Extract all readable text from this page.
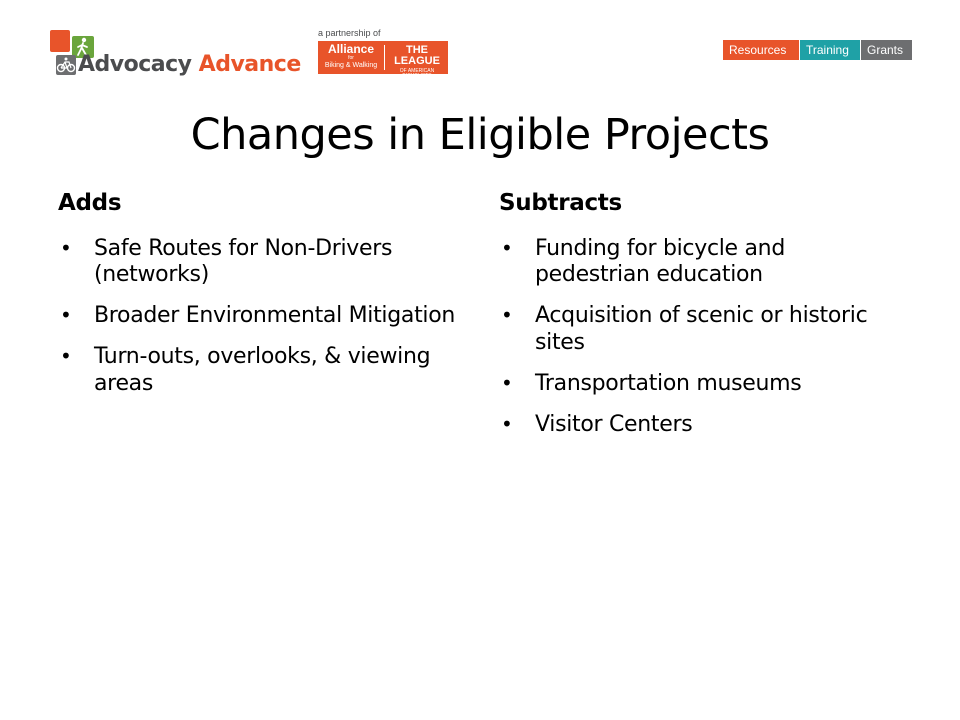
Advocacy Advance
a partnership of
Alliance
for
Biking & Walking
THE LEAGUE
OF AMERICAN BICYCLISTS
Resources	Training	Grants
Changes in Eligible Projects
Adds
• Safe Routes for Non-Drivers (networks)
• Broader Environmental Mitigation
• Turn-outs, overlooks, & viewing areas
Subtracts
• Funding for bicycle and pedestrian education
• Acquisition of scenic or historic sites
• Transportation museums
• Visitor Centers
